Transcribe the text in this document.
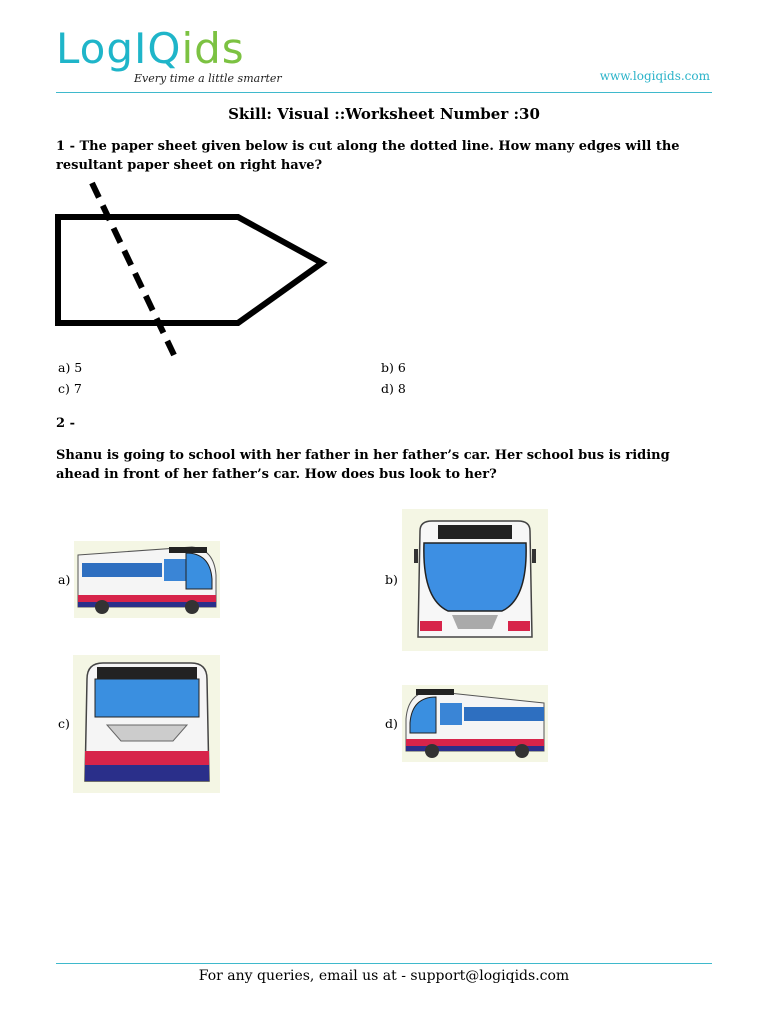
LogIQids
Every time a little smarter	www.logiqids.com
Skill: Visual ::Worksheet Number :30
1 - The paper sheet given below is cut along the dotted line. How many edges will the resultant paper sheet on right have?
a) 5	b) 6
c) 7	d) 8
2 -
Shanu is going to school with her father in her father’s car. Her school bus is riding ahead in front of her father’s car. How does bus look to her?
a)	b)
c)	d)
For any queries, email us at - support@logiqids.com
